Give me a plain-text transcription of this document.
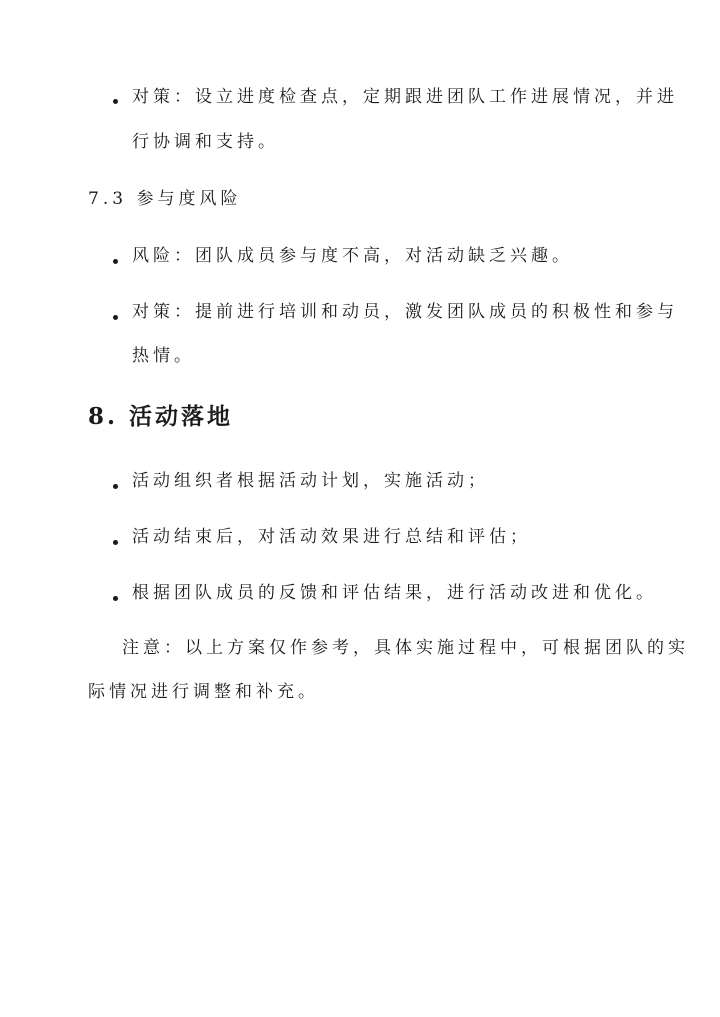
对策：设立进度检查点，定期跟进团队工作进展情况，并进
行协调和支持。
7.3 参与度风险
风险：团队成员参与度不高，对活动缺乏兴趣。
对策：提前进行培训和动员，激发团队成员的积极性和参与
热情。
8. 活动落地
活动组织者根据活动计划，实施活动；
活动结束后，对活动效果进行总结和评估；
根据团队成员的反馈和评估结果，进行活动改进和优化。
注意：以上方案仅作参考，具体实施过程中，可根据团队的实
际情况进行调整和补充。
